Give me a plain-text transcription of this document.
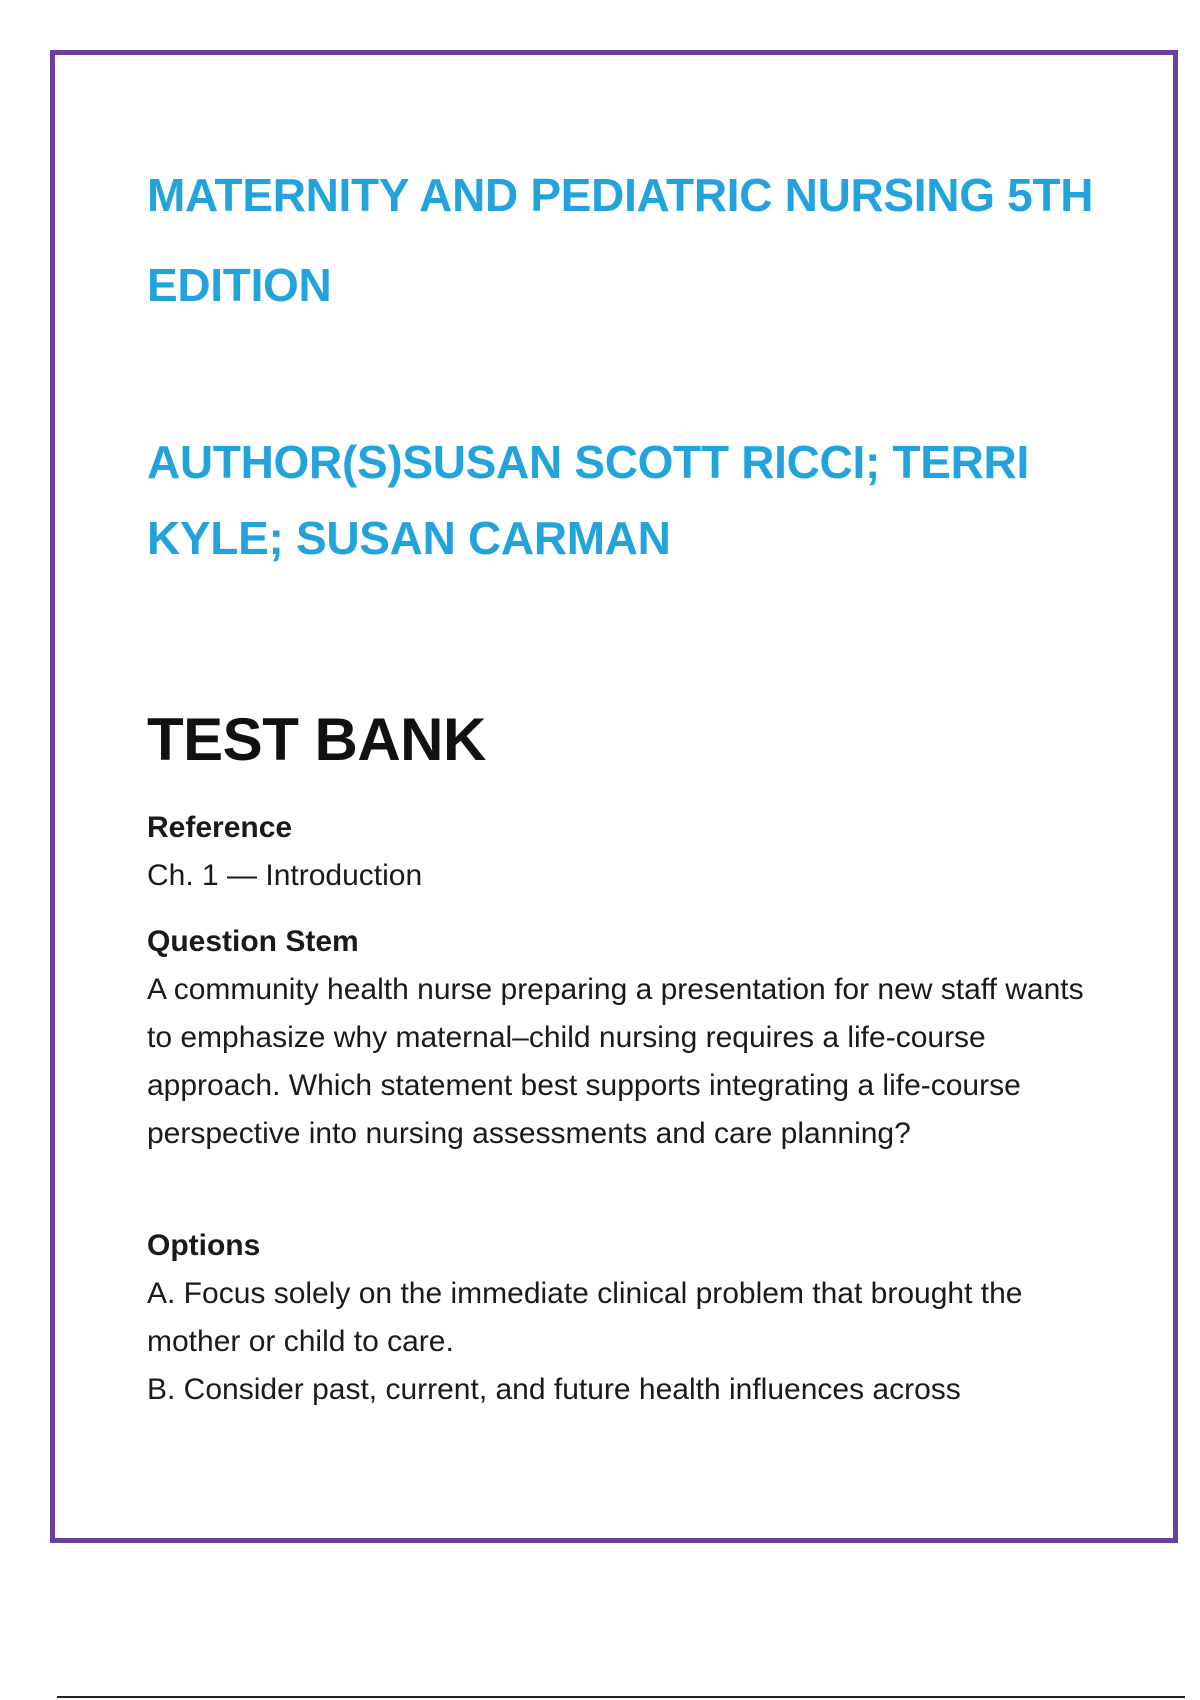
MATERNITY AND PEDIATRIC NURSING 5TH EDITION
AUTHOR(S)SUSAN SCOTT RICCI; TERRI KYLE; SUSAN CARMAN
TEST BANK

Reference

Ch. 1 — Introduction

Question Stem

A community health nurse preparing a presentation for new staff wants to emphasize why maternal–child nursing requires a life-course approach. Which statement best supports integrating a life-course perspective into nursing assessments and care planning?

Options

A. Focus solely on the immediate clinical problem that brought the mother or child to care.
B. Consider past, current, and future health influences across
